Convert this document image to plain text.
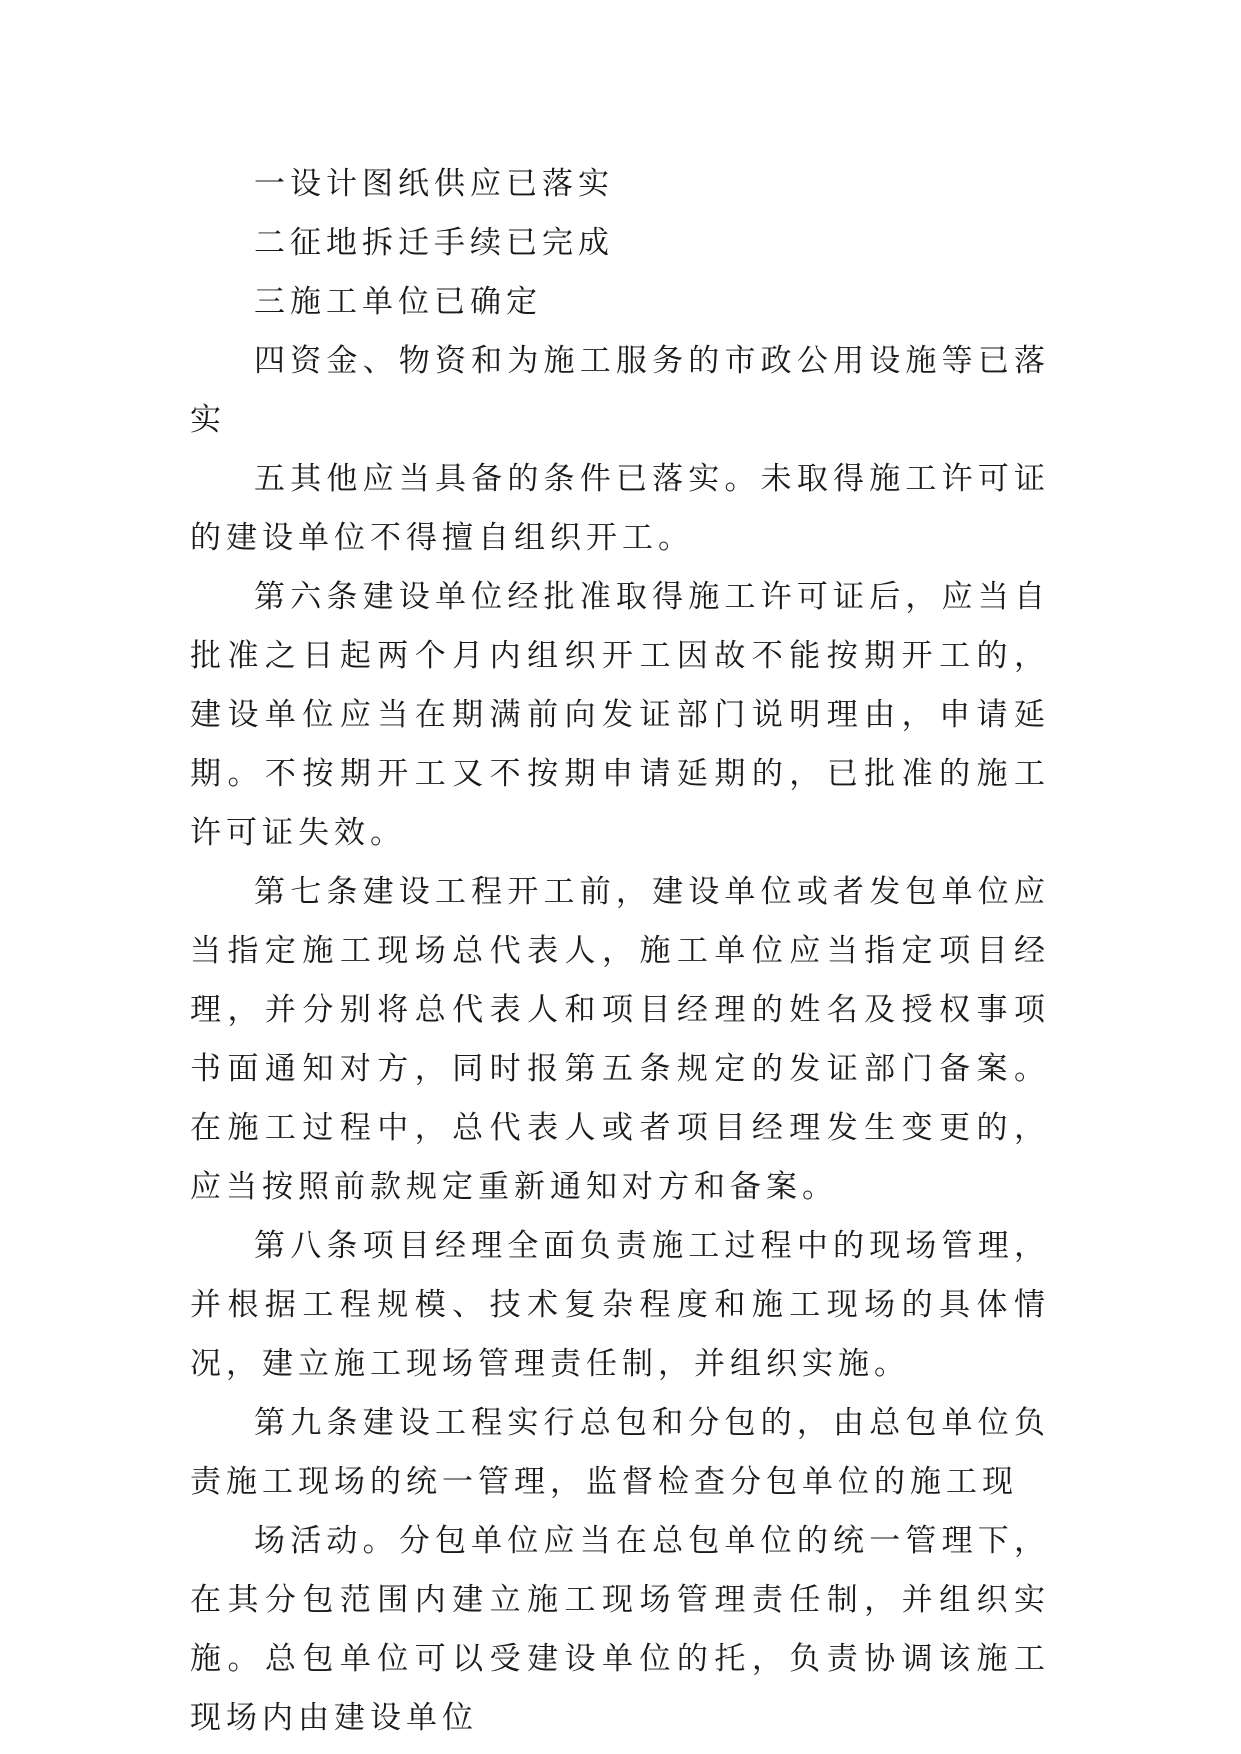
一设计图纸供应已落实

二征地拆迁手续已完成

三施工单位已确定

四资金、物资和为施工服务的市政公用设施等已落实

五其他应当具备的条件已落实。未取得施工许可证的建设单位不得擅自组织开工。

第六条建设单位经批准取得施工许可证后，应当自批准之日起两个月内组织开工因故不能按期开工的，建设单位应当在期满前向发证部门说明理由，申请延期。不按期开工又不按期申请延期的，已批准的施工许可证失效。

第七条建设工程开工前，建设单位或者发包单位应当指定施工现场总代表人，施工单位应当指定项目经理，并分别将总代表人和项目经理的姓名及授权事项书面通知对方，同时报第五条规定的发证部门备案。在施工过程中，总代表人或者项目经理发生变更的，应当按照前款规定重新通知对方和备案。

第八条项目经理全面负责施工过程中的现场管理，并根据工程规模、技术复杂程度和施工现场的具体情况，建立施工现场管理责任制，并组织实施。

第九条建设工程实行总包和分包的，由总包单位负责施工现场的统一管理，监督检查分包单位的施工现

场活动。分包单位应当在总包单位的统一管理下，在其分包范围内建立施工现场管理责任制，并组织实施。总包单位可以受建设单位的托，负责协调该施工现场内由建设单位
